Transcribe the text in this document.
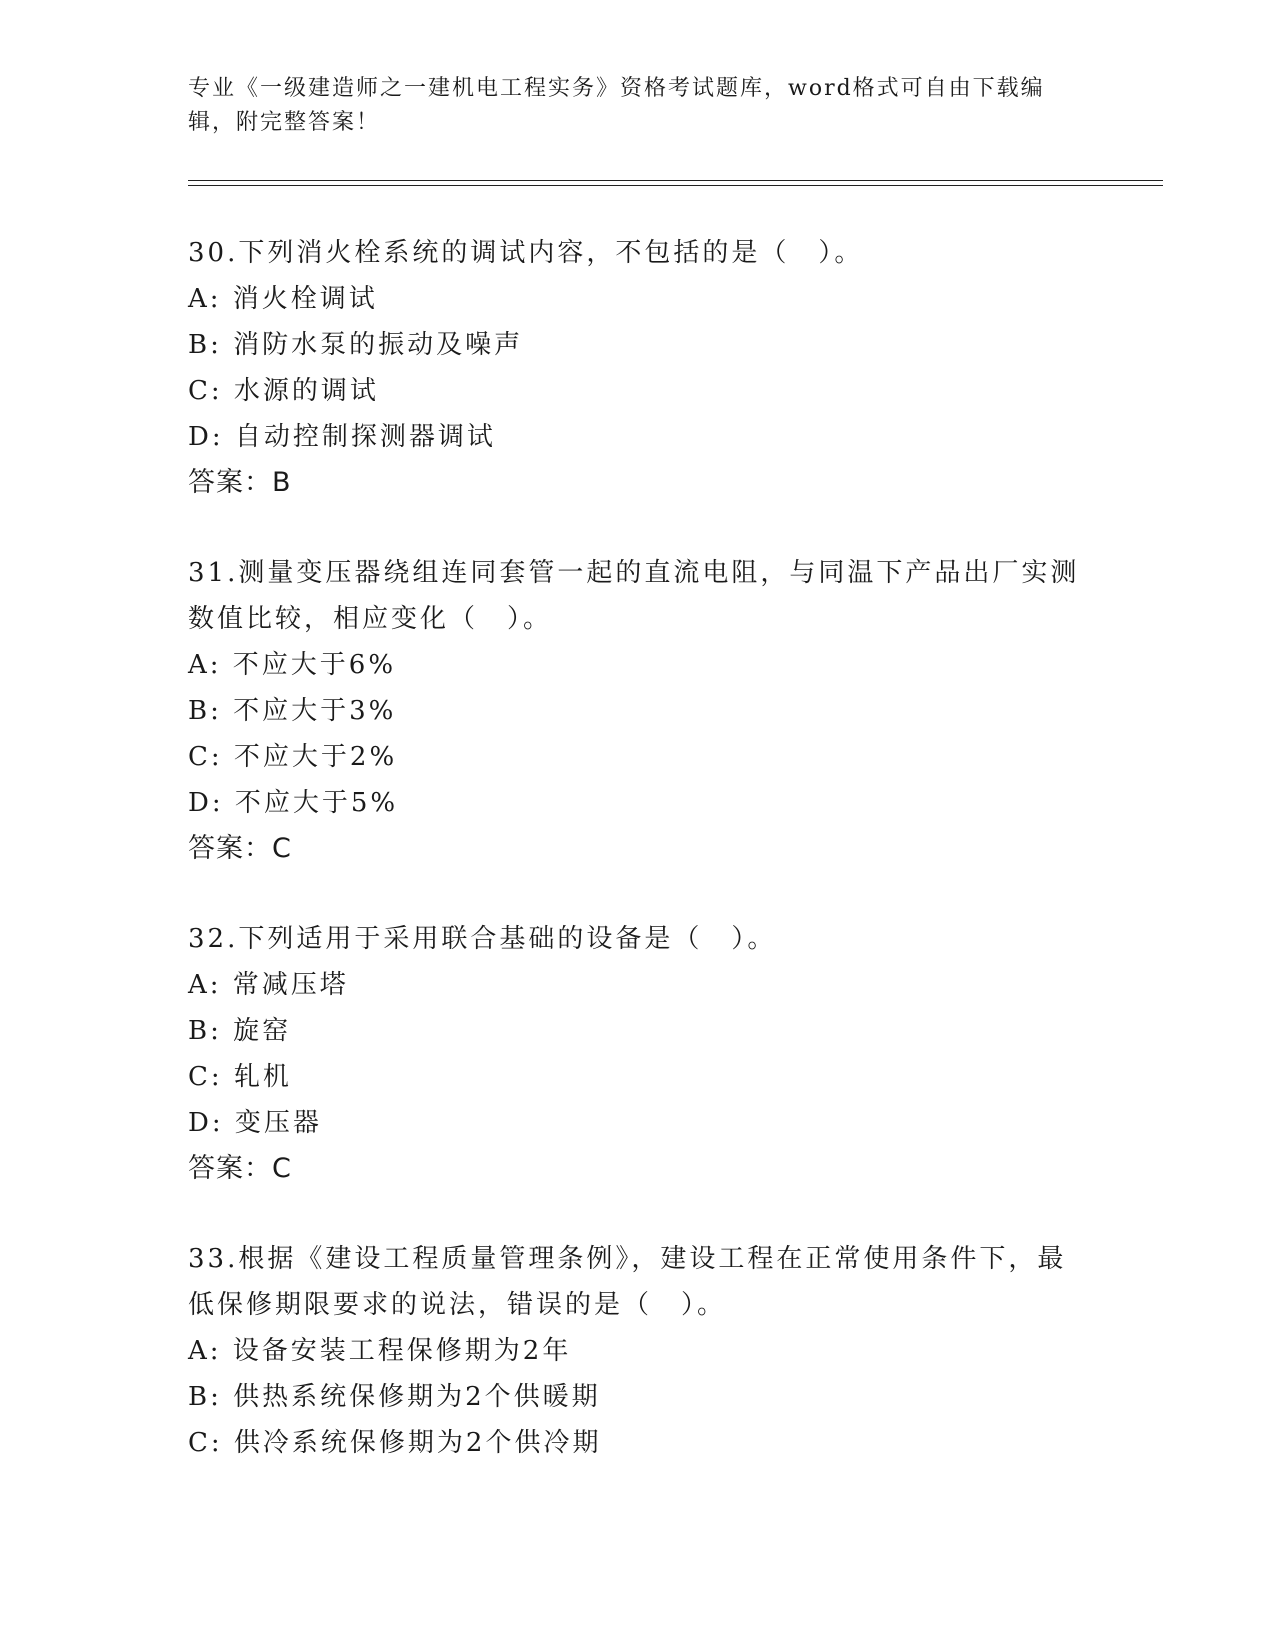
专业《一级建造师之一建机电工程实务》资格考试题库，word格式可自由下载编辑，附完整答案！

30.下列消火栓系统的调试内容，不包括的是（　）。

A: 消火栓调试

B: 消防水泵的振动及噪声

C: 水源的调试

D: 自动控制探测器调试

答案：B

31.测量变压器绕组连同套管一起的直流电阻，与同温下产品出厂实测数值比较，相应变化（　）。

A: 不应大于6%

B: 不应大于3%

C: 不应大于2%

D: 不应大于5%

答案：C

32.下列适用于采用联合基础的设备是（　）。

A: 常减压塔

B: 旋窑

C: 轧机

D: 变压器

答案：C

33.根据《建设工程质量管理条例》，建设工程在正常使用条件下，最低保修期限要求的说法，错误的是（　）。

A: 设备安装工程保修期为2年

B: 供热系统保修期为2个供暖期

C: 供冷系统保修期为2个供冷期
